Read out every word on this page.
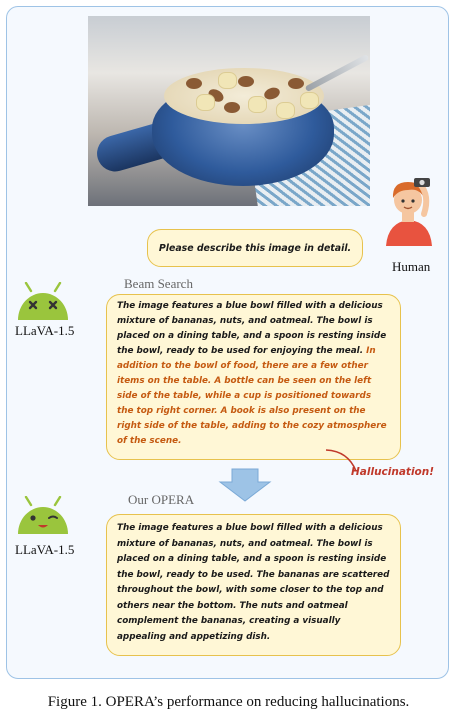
Please describe this image in detail.
Human
Beam Search
LLaVA-1.5
The image features a blue bowl filled with a delicious mixture of bananas, nuts, and oatmeal. The bowl is placed on a dining table, and a spoon is resting inside the bowl, ready to be used for enjoying the meal. In addition to the bowl of food, there are a few other items on the table. A bottle can be seen on the left side of the table, while a cup is positioned towards the top right corner. A book is also present on the right side of the table, adding to the cozy atmosphere of the scene.
Hallucination!
Our OPERA
LLaVA-1.5
The image features a blue bowl filled with a delicious mixture of bananas, nuts, and oatmeal. The bowl is placed on a dining table, and a spoon is resting inside the bowl, ready to be used. The bananas are scattered throughout the bowl, with some closer to the top and others near the bottom. The nuts and oatmeal complement the bananas, creating a visually appealing and appetizing dish.
Figure 1. OPERA’s performance on reducing hallucinations.
